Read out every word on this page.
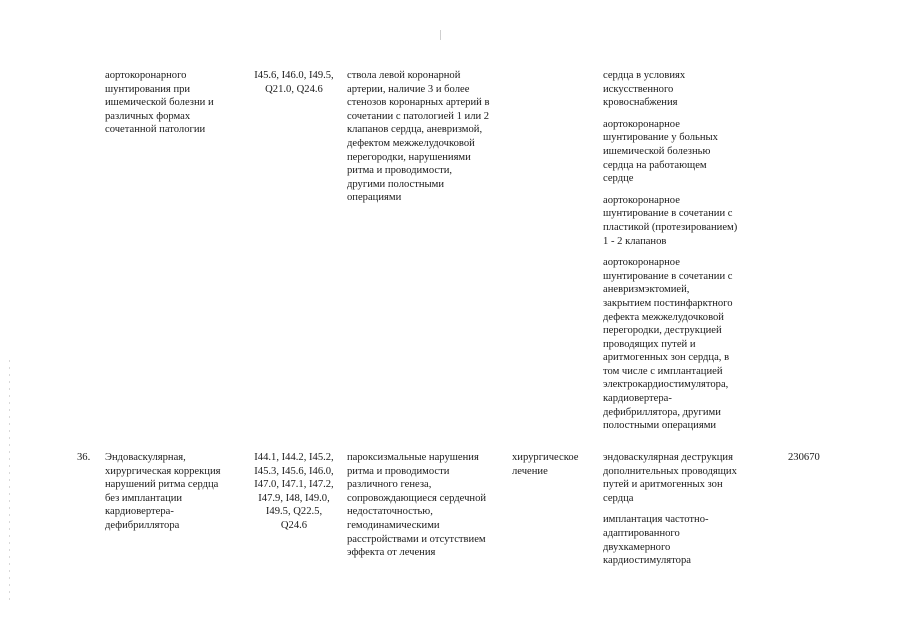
аортокоронарного
шунтирования при
ишемической болезни и
различных формах
сочетанной патологии

I45.6, I46.0, I49.5,
Q21.0, Q24.6

ствола левой коронарной
артерии, наличие 3 и более
стенозов коронарных артерий в
сочетании с патологией 1 или 2
клапанов сердца, аневризмой,
дефектом межжелудочковой
перегородки, нарушениями
ритма и проводимости,
другими полостными
операциями

сердца в условиях
искусственного
кровоснабжения

аортокоронарное
шунтирование у больных
ишемической болезнью
сердца на работающем
сердце

аортокоронарное
шунтирование в сочетании с
пластикой (протезированием)
1 - 2 клапанов

аортокоронарное
шунтирование в сочетании с
аневризмэктомией,
закрытием постинфарктного
дефекта межжелудочковой
перегородки, деструкцией
проводящих путей и
аритмогенных зон сердца, в
том числе с имплантацией
электрокардиостимулятора,
кардиовертера-
дефибриллятора, другими
полостными операциями

36. Эндоваскулярная,
хирургическая коррекция
нарушений ритма сердца
без имплантации
кардиовертера-
дефибриллятора

I44.1, I44.2, I45.2,
I45.3, I45.6, I46.0,
I47.0, I47.1, I47.2,
I47.9, I48, I49.0,
I49.5, Q22.5,
Q24.6

пароксизмальные нарушения
ритма и проводимости
различного генеза,
сопровождающиеся сердечной
недостаточностью,
гемодинамическими
расстройствами и отсутствием
эффекта от лечения

хирургическое
лечение

эндоваскулярная деструкция
дополнительных проводящих
путей и аритмогенных зон
сердца

имплантация частотно-
адаптированного
двухкамерного
кардиостимулятора

230670
